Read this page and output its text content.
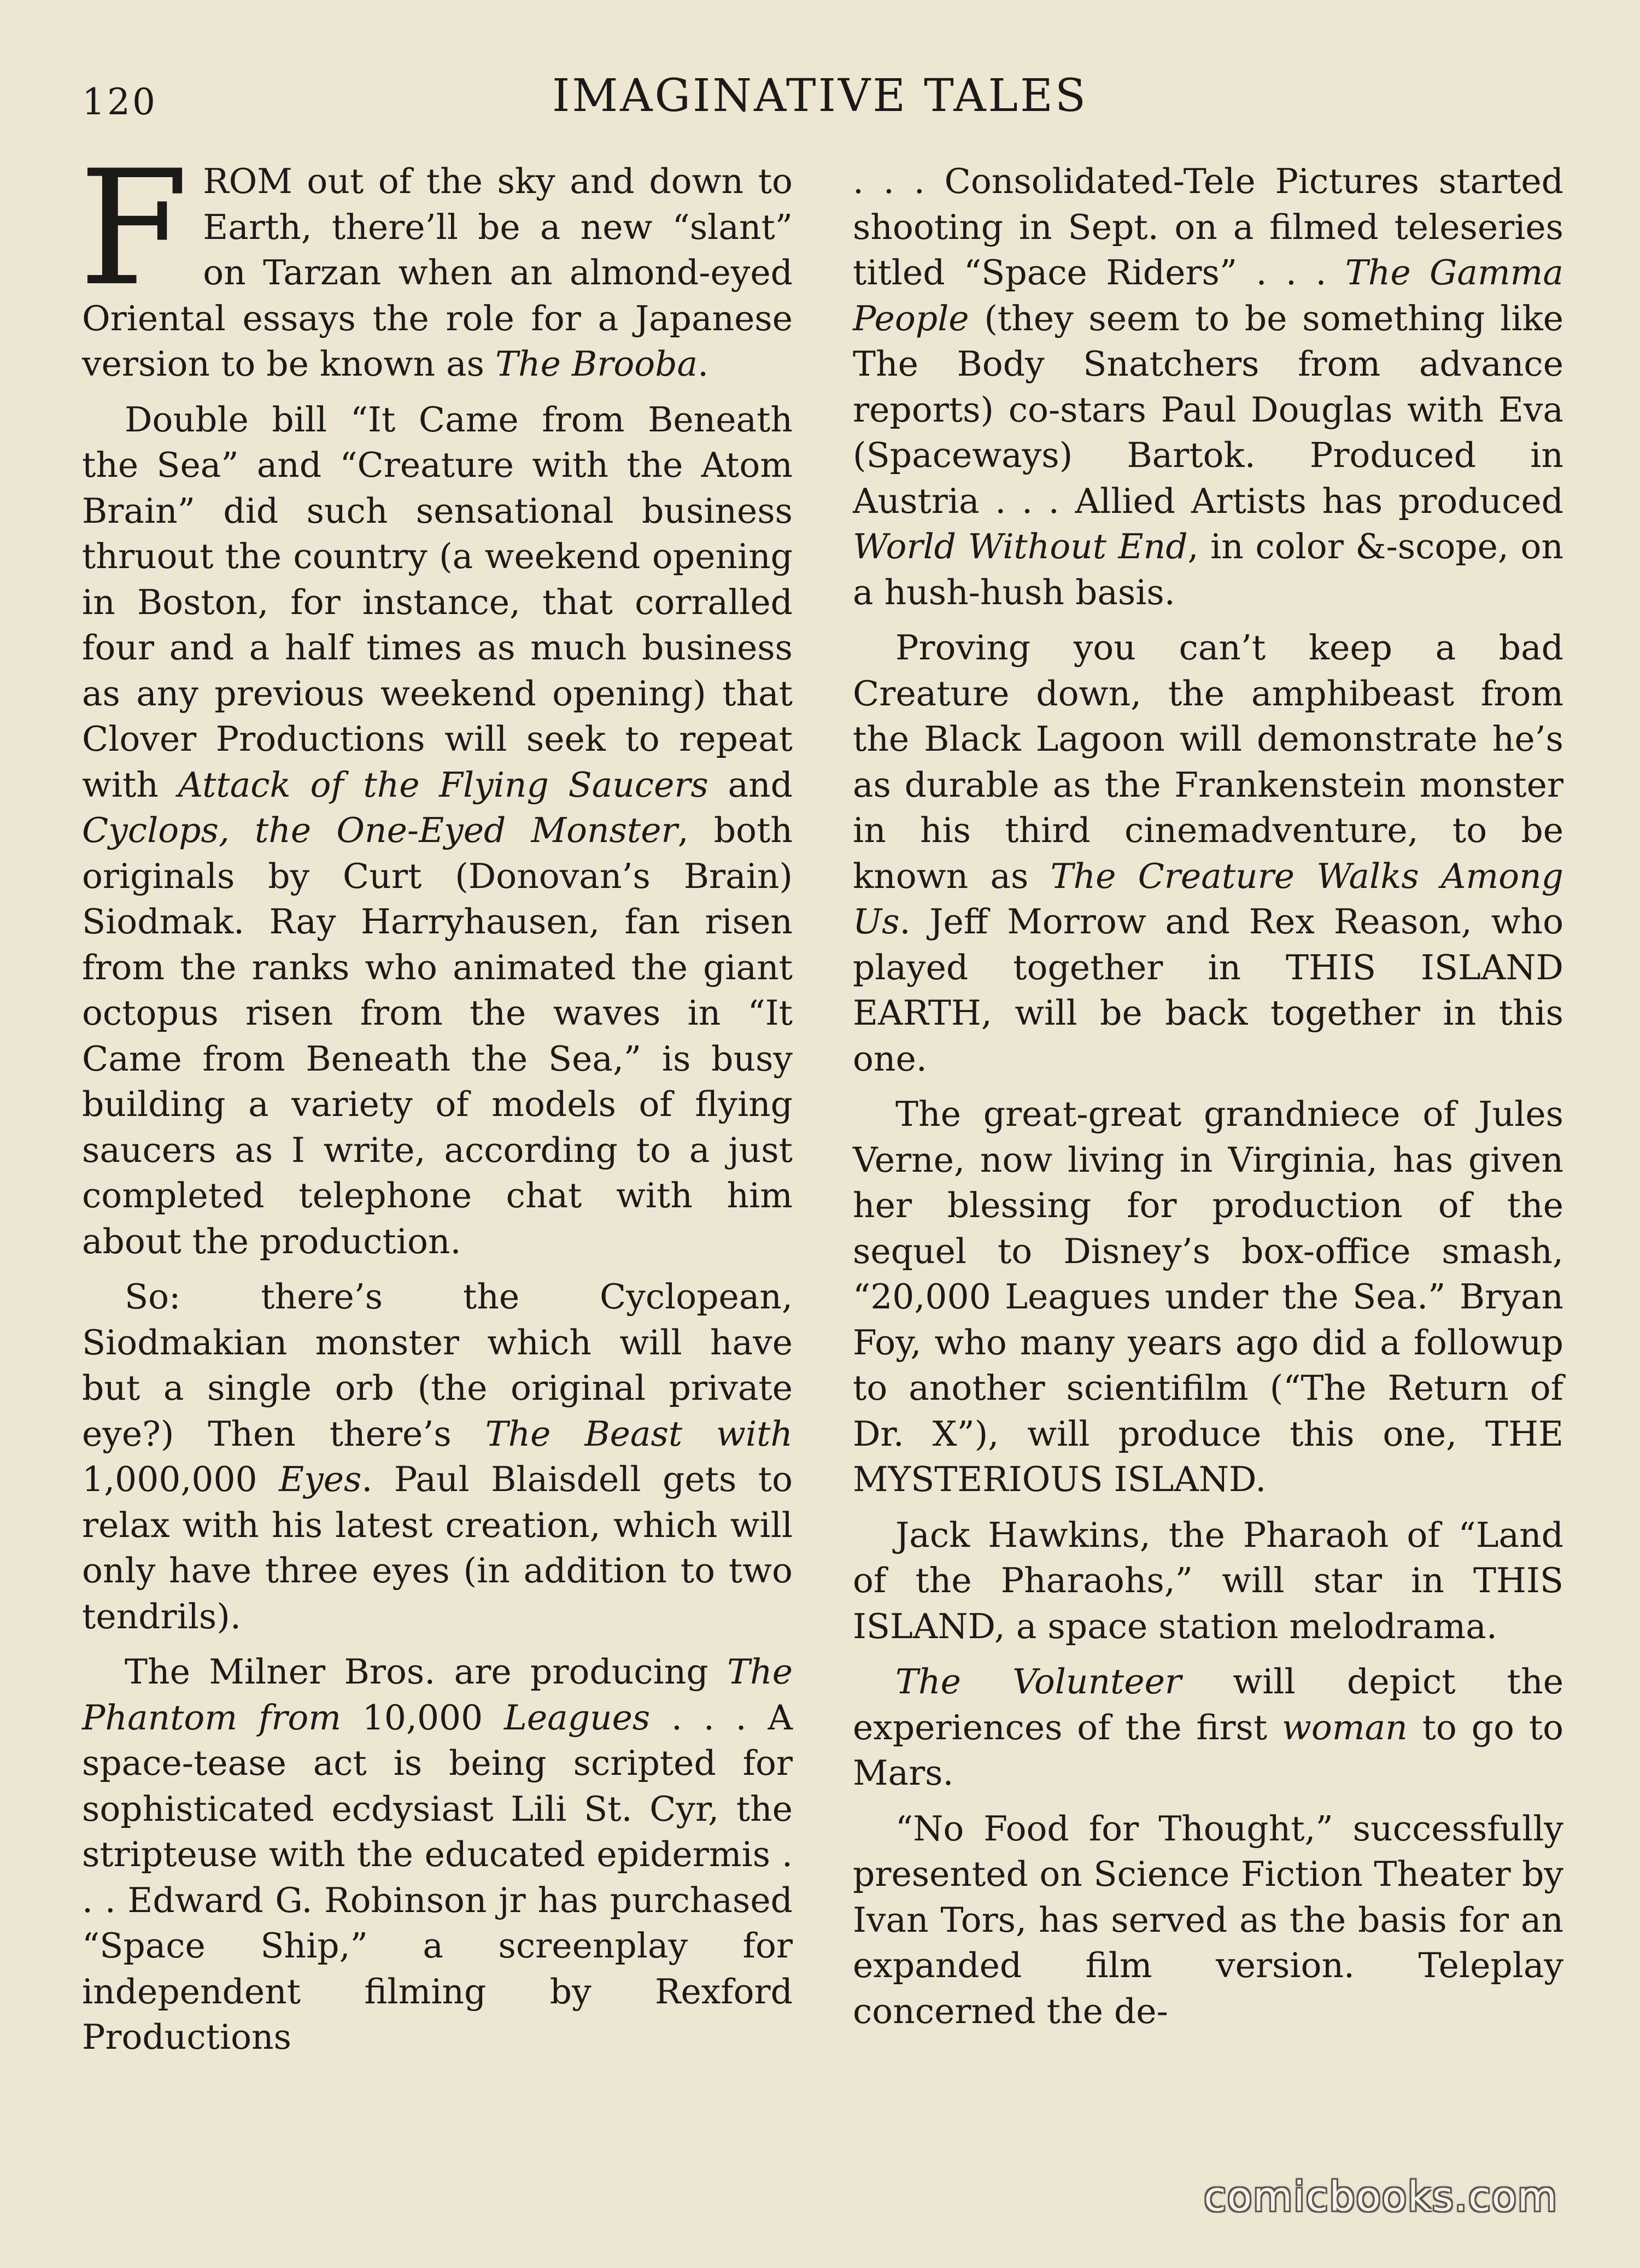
120	IMAGINATIVE TALES

FROM out of the sky and down to Earth, there’ll be a new “slant” on Tarzan when an almond-eyed Oriental essays the role for a Japanese version to be known as The Brooba.

Double bill “It Came from Beneath the Sea” and “Creature with the Atom Brain” did such sensational business thruout the country (a weekend opening in Boston, for instance, that corralled four and a half times as much business as any previous weekend opening) that Clover Productions will seek to repeat with Attack of the Flying Saucers and Cyclops, the One-Eyed Monster, both originals by Curt (Donovan’s Brain) Siodmak. Ray Harryhausen, fan risen from the ranks who animated the giant octopus risen from the waves in “It Came from Beneath the Sea,” is busy building a variety of models of flying saucers as I write, according to a just completed telephone chat with him about the production.

So: there’s the Cyclopean, Siodmakian monster which will have but a single orb (the original private eye?) Then there’s The Beast with 1,000,000 Eyes. Paul Blaisdell gets to relax with his latest creation, which will only have three eyes (in addition to two tendrils).

The Milner Bros. are producing The Phantom from 10,000 Leagues . . . A space-tease act is being scripted for sophisticated ecdysiast Lili St. Cyr, the stripteuse with the educated epidermis . . . Edward G. Robinson jr has purchased “Space Ship,” a screenplay for independent filming by Rexford Productions

. . . Consolidated-Tele Pictures started shooting in Sept. on a filmed teleseries titled “Space Riders” . . . The Gamma People (they seem to be something like The Body Snatchers from advance reports) co-stars Paul Douglas with Eva (Spaceways) Bartok. Produced in Austria . . . Allied Artists has produced World Without End, in color &-scope, on a hush-hush basis.

Proving you can’t keep a bad Creature down, the amphibeast from the Black Lagoon will demonstrate he’s as durable as the Frankenstein monster in his third cinemadventure, to be known as The Creature Walks Among Us. Jeff Morrow and Rex Reason, who played together in THIS ISLAND EARTH, will be back together in this one.

The great-great grandniece of Jules Verne, now living in Virginia, has given her blessing for production of the sequel to Disney’s box-office smash, “20,000 Leagues under the Sea.” Bryan Foy, who many years ago did a followup to another scientifilm (“The Return of Dr. X”), will produce this one, THE MYSTERIOUS ISLAND.

Jack Hawkins, the Pharaoh of “Land of the Pharaohs,” will star in THIS ISLAND, a space station melodrama.

The Volunteer will depict the experiences of the first woman to go to Mars.

“No Food for Thought,” successfully presented on Science Fiction Theater by Ivan Tors, has served as the basis for an expanded film version. Teleplay concerned the de-

comicbooks.com
